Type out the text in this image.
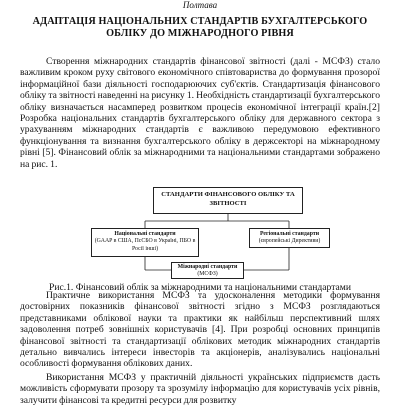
Полтава
АДАПТАЦІЯ НАЦІОНАЛЬНИХ СТАНДАРТІВ БУХГАЛТЕРСЬКОГО ОБЛІКУ ДО МІЖНАРОДНОГО РІВНЯ
Створення міжнародних стандартів фінансової звітності (далі - МСФЗ) стало важливим кроком руху світового економічного співтовариства до формування прозорої інформаційної бази діяльності господарюючих суб'єктів. Стандартизація фінансового обліку та звітності наведенні на рисунку 1. Необхідність стандартизації бухгалтерського обліку визначається насамперед розвитком процесів економічної інтеграції країн.[2] Розробка національних стандартів бухгалтерського обліку для державного сектора з урахуванням міжнародних стандартів є важливою передумовою ефективного функціонування та визнання бухгалтерського обліку в держсекторі на міжнародному рівні [5]. Фінансовий облік за міжнародними та національними стандартами зображено на рис. 1.
СТАНДАРТИ ФІНАНСОВОГО ОБЛІКУ ТА ЗВІТНОСТІ
Національні стандарти
(GAAP в США, ПсСБО в Україні, ПБО в Росії інші)
Регіональні стандарти
(європейські Директиви)
Міжнародні стандарти
(МСФЗ)
Рис.1. Фінансовий облік за міжнародними та національними стандартами
Практичне використання МСФЗ та удосконалення методики формування достовірних показників фінансової звітності згідно з МСФЗ розглядаються представниками облікової науки та практики як найбільш перспективний шлях задоволення потреб зовнішніх користувачів [4]. При розробці основних принципів фінансової звітності та стандартизації облікових методик міжнародних стандартів детально вивчались інтереси інвесторів та акціонерів, аналізувались національні особливості формування облікових даних.
Використання МСФЗ у практичній діяльності українських підприємств дасть можливість сформувати прозору та зрозумілу інформацію для користувачів усіх рівнів, залучити фінансові та кредитні ресурси для розвитку
